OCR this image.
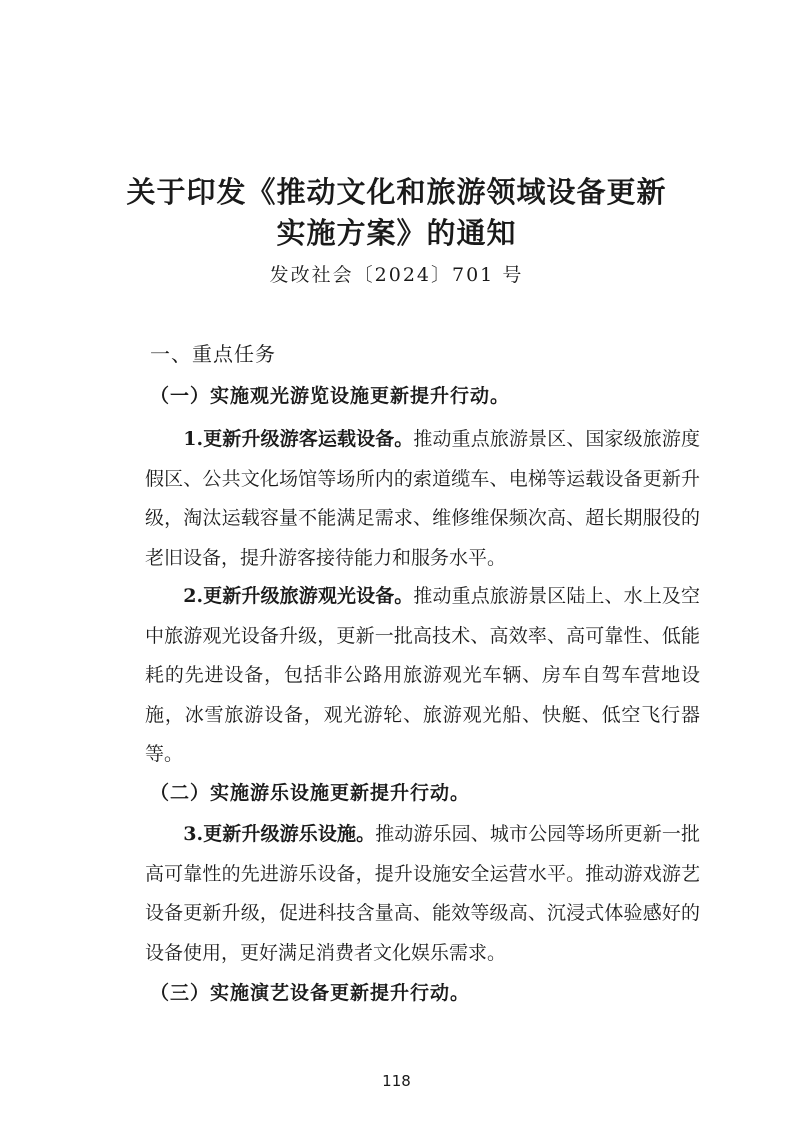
关于印发《推动文化和旅游领域设备更新
实施方案》的通知
发改社会〔2024〕701 号
一、重点任务
（一）实施观光游览设施更新提升行动。
　　1.更新升级游客运载设备。推动重点旅游景区、国家级旅游度假区、公共文化场馆等场所内的索道缆车、电梯等运载设备更新升级，淘汰运载容量不能满足需求、维修维保频次高、超长期服役的老旧设备，提升游客接待能力和服务水平。
　　2.更新升级旅游观光设备。推动重点旅游景区陆上、水上及空中旅游观光设备升级，更新一批高技术、高效率、高可靠性、低能耗的先进设备，包括非公路用旅游观光车辆、房车自驾车营地设施，冰雪旅游设备，观光游轮、旅游观光船、快艇、低空飞行器等。
（二）实施游乐设施更新提升行动。
　　3.更新升级游乐设施。推动游乐园、城市公园等场所更新一批高可靠性的先进游乐设备，提升设施安全运营水平。推动游戏游艺设备更新升级，促进科技含量高、能效等级高、沉浸式体验感好的设备使用，更好满足消费者文化娱乐需求。
（三）实施演艺设备更新提升行动。
118
